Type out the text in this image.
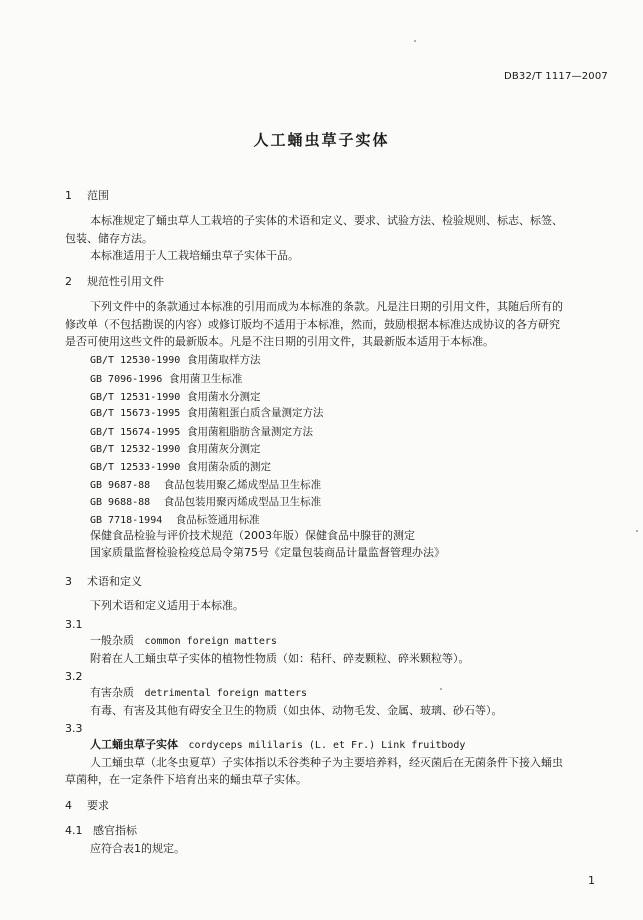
DB32/T 1117—2007
人工蛹虫草子实体
1 范围
本标准规定了蛹虫草人工栽培的子实体的术语和定义、要求、试验方法、检验规则、标志、标签、
包装、储存方法。
本标准适用于人工栽培蛹虫草子实体干品。
2 规范性引用文件
下列文件中的条款通过本标准的引用而成为本标准的条款。凡是注日期的引用文件，其随后所有的
修改单（不包括勘误的内容）或修订版均不适用于本标准，然而，鼓励根据本标准达成协议的各方研究
是否可使用这些文件的最新版本。凡是不注日期的引用文件，其最新版本适用于本标准。
GB/T 12530-1990 食用菌取样方法
GB 7096-1996 食用菌卫生标准
GB/T 12531-1990 食用菌水分测定
GB/T 15673-1995 食用菌粗蛋白质含量测定方法
GB/T 15674-1995 食用菌粗脂肪含量测定方法
GB/T 12532-1990 食用菌灰分测定
GB/T 12533-1990 食用菌杂质的测定
GB 9687-88 食品包装用聚乙烯成型品卫生标准
GB 9688-88 食品包装用聚丙烯成型品卫生标准
GB 7718-1994 食品标签通用标准
保健食品检验与评价技术规范（2003年版）保健食品中腺苷的测定
国家质量监督检验检疫总局令第75号《定量包装商品计量监督管理办法》
3 术语和定义
下列术语和定义适用于本标准。
3.1
一般杂质 common foreign matters
附着在人工蛹虫草子实体的植物性物质（如：秸秆、碎麦颗粒、碎米颗粒等）。
3.2
有害杂质 detrimental foreign matters
有毒、有害及其他有碍安全卫生的物质（如虫体、动物毛发、金属、玻璃、砂石等）。
3.3
人工蛹虫草子实体 cordyceps mililaris (L. et Fr.) Link fruitbody
人工蛹虫草（北冬虫夏草）子实体指以禾谷类种子为主要培养料，经灭菌后在无菌条件下接入蛹虫
草菌种，在一定条件下培育出来的蛹虫草子实体。
4 要求
4.1 感官指标
应符合表1的规定。
1
